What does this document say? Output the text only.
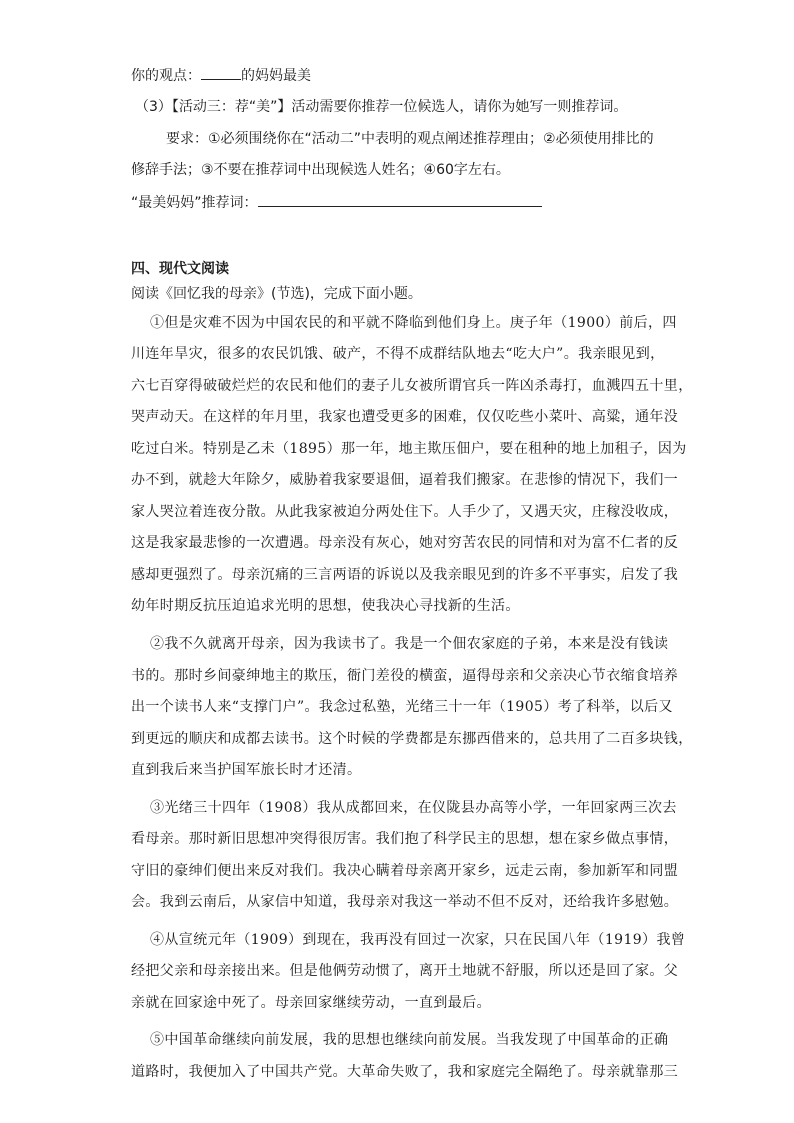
你的观点：	的妈妈最美
（3）【活动三：荐“美”】活动需要你推荐一位候选人，请你为她写一则推荐词。
要求：①必须围绕你在“活动二”中表明的观点阐述推荐理由；②必须使用排比的
修辞手法；③不要在推荐词中出现候选人姓名；④60字左右。
“最美妈妈”推荐词：
四、现代文阅读
阅读《回忆我的母亲》(节选)，完成下面小题。
①但是灾难不因为中国农民的和平就不降临到他们身上。庚子年（1900）前后，四
川连年旱灾，很多的农民饥饿、破产，不得不成群结队地去“吃大户”。我亲眼见到，
六七百穿得破破烂烂的农民和他们的妻子儿女被所谓官兵一阵凶杀毒打，血溅四五十里，
哭声动天。在这样的年月里，我家也遭受更多的困难，仅仅吃些小菜叶、高粱，通年没
吃过白米。特别是乙未（1895）那一年，地主欺压佃户，要在租种的地上加租子，因为
办不到，就趁大年除夕，威胁着我家要退佃，逼着我们搬家。在悲惨的情况下，我们一
家人哭泣着连夜分散。从此我家被迫分两处住下。人手少了，又遇天灾，庄稼没收成，
这是我家最悲惨的一次遭遇。母亲没有灰心，她对穷苦农民的同情和对为富不仁者的反
感却更强烈了。母亲沉痛的三言两语的诉说以及我亲眼见到的许多不平事实，启发了我
幼年时期反抗压迫追求光明的思想，使我决心寻找新的生活。
②我不久就离开母亲，因为我读书了。我是一个佃农家庭的子弟，本来是没有钱读
书的。那时乡间豪绅地主的欺压，衙门差役的横蛮，逼得母亲和父亲决心节衣缩食培养
出一个读书人来“支撑门户”。我念过私塾，光绪三十一年（1905）考了科举，以后又
到更远的顺庆和成都去读书。这个时候的学费都是东挪西借来的，总共用了二百多块钱，
直到我后来当护国军旅长时才还清。
③光绪三十四年（1908）我从成都回来，在仪陇县办高等小学，一年回家两三次去
看母亲。那时新旧思想冲突得很厉害。我们抱了科学民主的思想，想在家乡做点事情，
守旧的豪绅们便出来反对我们。我决心瞒着母亲离开家乡，远走云南，参加新军和同盟
会。我到云南后，从家信中知道，我母亲对我这一举动不但不反对，还给我许多慰勉。
④从宣统元年（1909）到现在，我再没有回过一次家，只在民国八年（1919）我曾
经把父亲和母亲接出来。但是他俩劳动惯了，离开土地就不舒服，所以还是回了家。父
亲就在回家途中死了。母亲回家继续劳动，一直到最后。
⑤中国革命继续向前发展，我的思想也继续向前发展。当我发现了中国革命的正确
道路时，我便加入了中国共产党。大革命失败了，我和家庭完全隔绝了。母亲就靠那三
